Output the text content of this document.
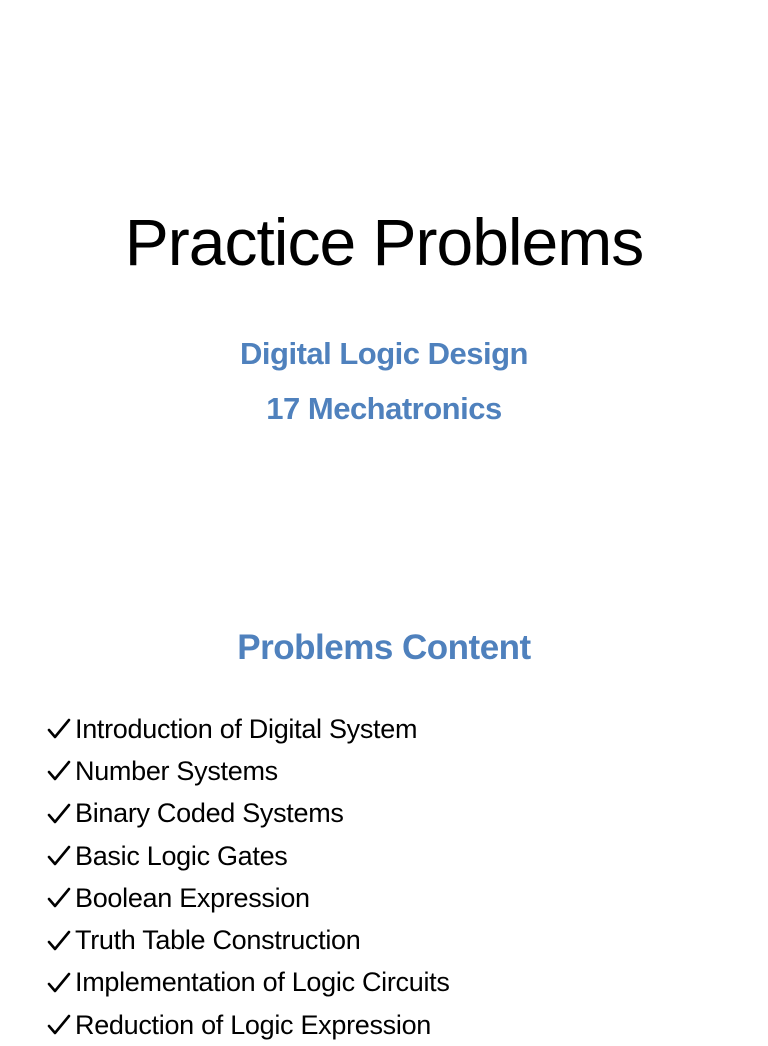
Practice Problems

Digital Logic Design

17 Mechatronics

Problems Content
Introduction of Digital System
Number Systems
Binary Coded Systems
Basic Logic Gates
Boolean Expression
Truth Table Construction
Implementation of Logic Circuits
Reduction of Logic Expression
